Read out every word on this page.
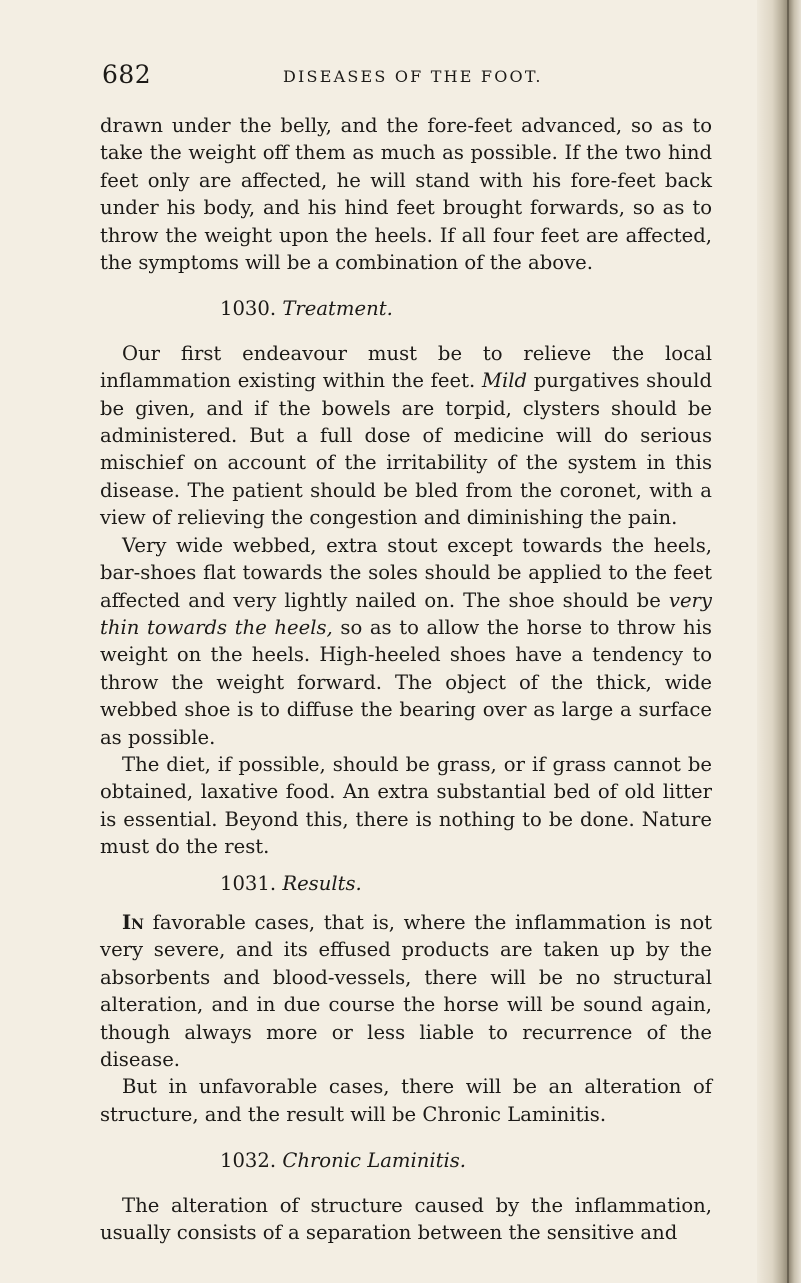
682	DISEASES OF THE FOOT.

drawn under the belly, and the fore-feet advanced, so as to take the weight off them as much as possible. If the two hind feet only are affected, he will stand with his fore-feet back under his body, and his hind feet brought forwards, so as to throw the weight upon the heels. If all four feet are affected, the symptoms will be a combination of the above.

1030. Treatment.

Our first endeavour must be to relieve the local inflammation existing within the feet. Mild purgatives should be given, and if the bowels are torpid, clysters should be administered. But a full dose of medicine will do serious mischief on account of the irritability of the system in this disease. The patient should be bled from the coronet, with a view of relieving the congestion and diminishing the pain.

Very wide webbed, extra stout except towards the heels, bar-shoes flat towards the soles should be applied to the feet affected and very lightly nailed on. The shoe should be very thin towards the heels, so as to allow the horse to throw his weight on the heels. High-heeled shoes have a tendency to throw the weight forward. The object of the thick, wide webbed shoe is to diffuse the bearing over as large a surface as possible.

The diet, if possible, should be grass, or if grass cannot be obtained, laxative food. An extra substantial bed of old litter is essential. Beyond this, there is nothing to be done. Nature must do the rest.

1031. Results.

In favorable cases, that is, where the inflammation is not very severe, and its effused products are taken up by the absorbents and blood-vessels, there will be no structural alteration, and in due course the horse will be sound again, though always more or less liable to recurrence of the disease.

But in unfavorable cases, there will be an alteration of structure, and the result will be Chronic Laminitis.

1032. Chronic Laminitis.

The alteration of structure caused by the inflammation, usually consists of a separation between the sensitive and
